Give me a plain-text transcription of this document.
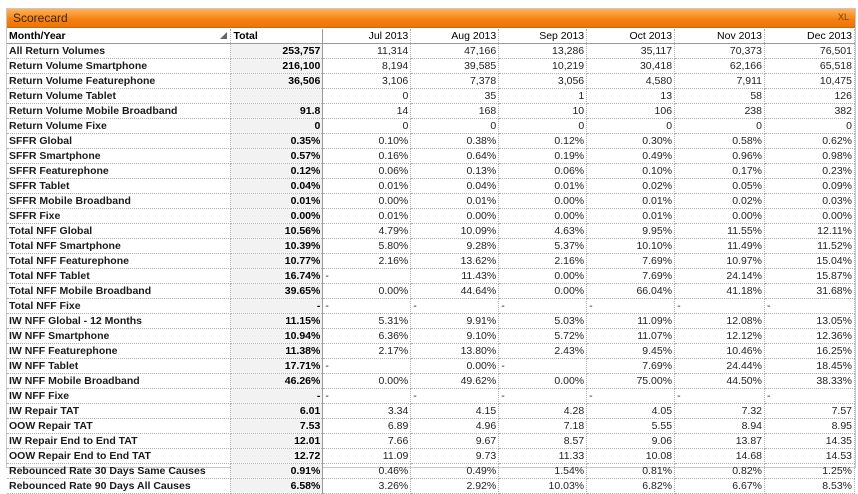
Scorecard	XL
Month/Year	Total	Jul 2013	Aug 2013	Sep 2013	Oct 2013	Nov 2013	Dec 2013
All Return Volumes	253,757	11,314	47,166	13,286	35,117	70,373	76,501
Return Volume Smartphone	216,100	8,194	39,585	10,219	30,418	62,166	65,518
Return Volume Featurephone	36,506	3,106	7,378	3,056	4,580	7,911	10,475
Return Volume Tablet		0	35	1	13	58	126
Return Volume Mobile Broadband	91.8	14	168	10	106	238	382
Return Volume Fixe	0	0	0	0	0	0	0
SFFR Global	0.35%	0.10%	0.38%	0.12%	0.30%	0.58%	0.62%
SFFR Smartphone	0.57%	0.16%	0.64%	0.19%	0.49%	0.96%	0.98%
SFFR Featurephone	0.12%	0.06%	0.13%	0.06%	0.10%	0.17%	0.23%
SFFR Tablet	0.04%	0.01%	0.04%	0.01%	0.02%	0.05%	0.09%
SFFR Mobile Broadband	0.01%	0.00%	0.01%	0.00%	0.01%	0.02%	0.03%
SFFR Fixe	0.00%	0.01%	0.00%	0.00%	0.01%	0.00%	0.00%
Total NFF Global	10.56%	4.79%	10.09%	4.63%	9.95%	11.55%	12.11%
Total NFF Smartphone	10.39%	5.80%	9.28%	5.37%	10.10%	11.49%	11.52%
Total NFF Featurephone	10.77%	2.16%	13.62%	2.16%	7.69%	10.97%	15.04%
Total NFF Tablet	16.74%	-	11.43%	0.00%	7.69%	24.14%	15.87%
Total NFF Mobile Broadband	39.65%	0.00%	44.64%	0.00%	66.04%	41.18%	31.68%
Total NFF Fixe	-	-	-	-	-	-	-
IW NFF Global - 12 Months	11.15%	5.31%	9.91%	5.03%	11.09%	12.08%	13.05%
IW NFF Smartphone	10.94%	6.36%	9.10%	5.72%	11.07%	12.12%	12.36%
IW NFF Featurephone	11.38%	2.17%	13.80%	2.43%	9.45%	10.46%	16.25%
IW NFF Tablet	17.71%	-	0.00%	-	7.69%	24.44%	18.45%
IW NFF Mobile Broadband	46.26%	0.00%	49.62%	0.00%	75.00%	44.50%	38.33%
IW NFF Fixe	-	-	-	-	-	-	-
IW Repair TAT	6.01	3.34	4.15	4.28	4.05	7.32	7.57
OOW Repair TAT	7.53	6.89	4.96	7.18	5.55	8.94	8.95
IW Repair End to End TAT	12.01	7.66	9.67	8.57	9.06	13.87	14.35
OOW Repair End to End TAT	12.72	11.09	9.73	11.33	10.08	14.68	14.53
Rebounced Rate 30 Days Same Causes	0.91%	0.46%	0.49%	1.54%	0.81%	0.82%	1.25%
Rebounced Rate 90 Days All Causes	6.58%	3.26%	2.92%	10.03%	6.82%	6.67%	8.53%
